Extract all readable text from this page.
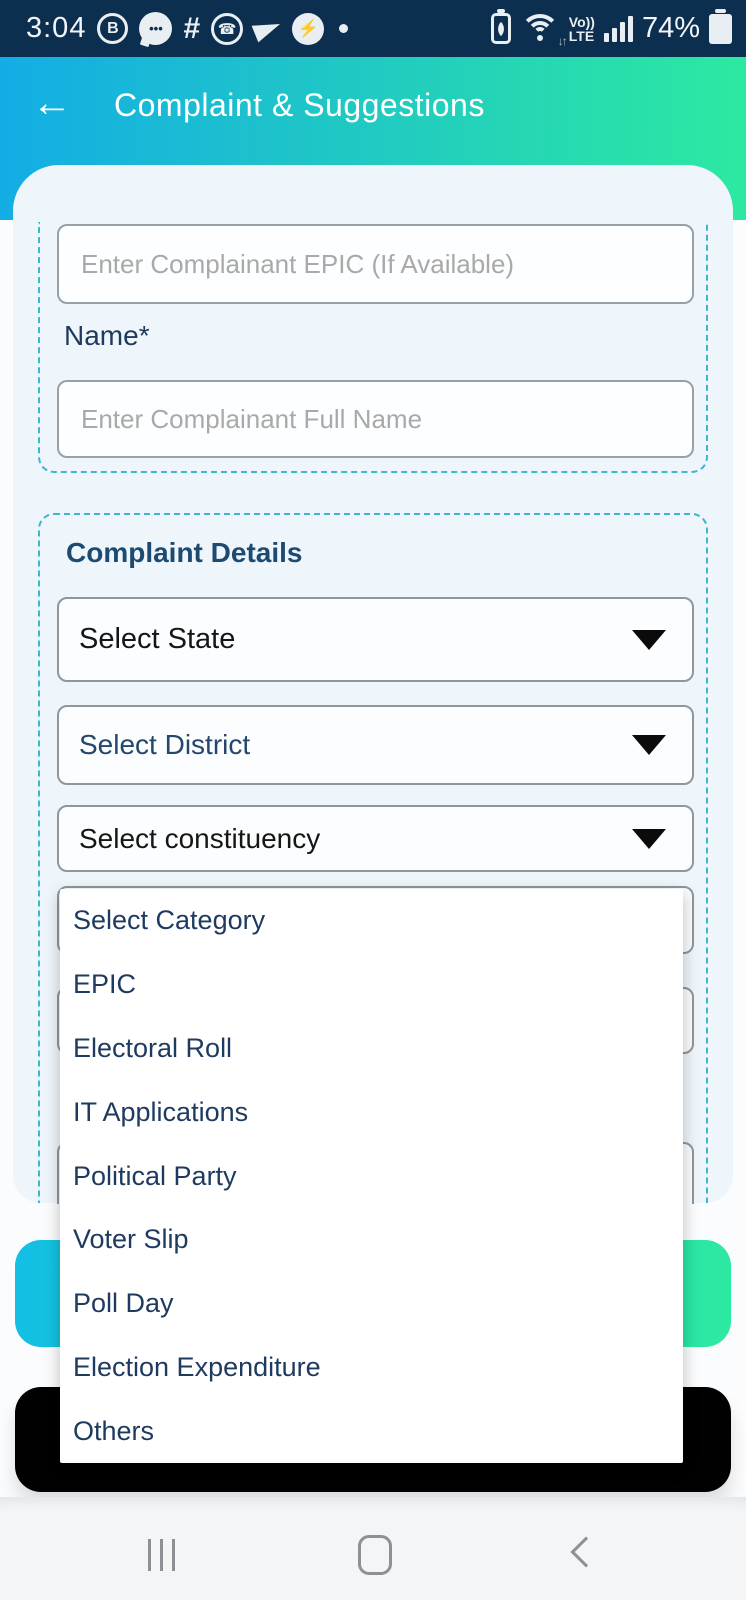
3:04	B	••• #	☎	⚡
↓↑
Vo))
LTE 74%
← Complaint & Suggestions
Enter Complainant EPIC (If Available)
Name*
Enter Complainant Full Name
Complaint Details
Select State
Select District
Select constituency
Select Category
EPIC
Electoral Roll
IT Applications
Political Party
Voter Slip
Poll Day
Election Expenditure
Others
